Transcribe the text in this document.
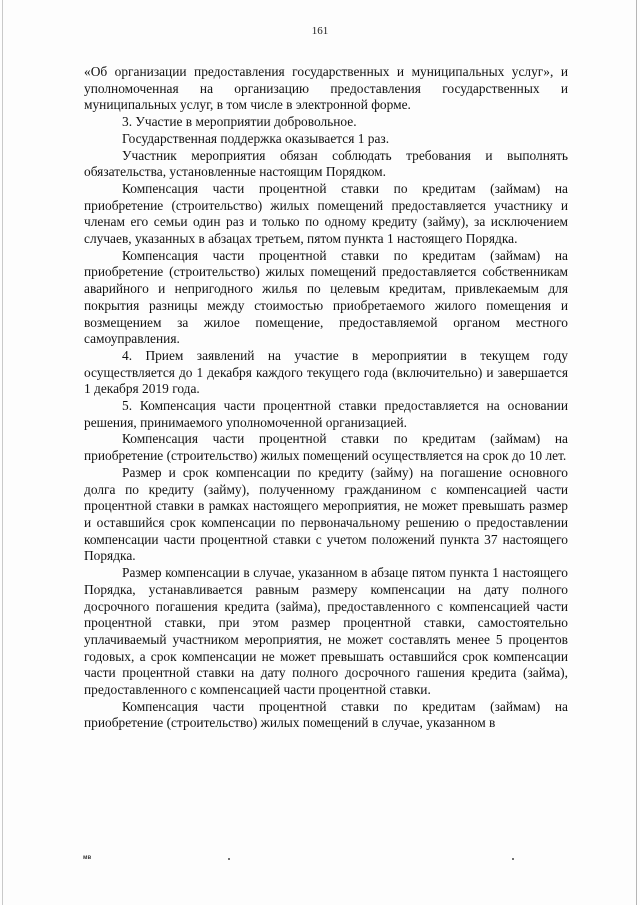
161

«Об организации предоставления государственных и муниципальных услуг», и уполномоченная на организацию предоставления государственных и муниципальных услуг, в том числе в электронной форме.

3. Участие в мероприятии добровольное.

Государственная поддержка оказывается 1 раз.

Участник мероприятия обязан соблюдать требования и выполнять обязательства, установленные настоящим Порядком.

Компенсация части процентной ставки по кредитам (займам) на приобретение (строительство) жилых помещений предоставляется участнику и членам его семьи один раз и только по одному кредиту (займу), за исключением случаев, указанных в абзацах третьем, пятом пункта 1 настоящего Порядка.

Компенсация части процентной ставки по кредитам (займам) на приобретение (строительство) жилых помещений предоставляется собственникам аварийного и непригодного жилья по целевым кредитам, привлекаемым для покрытия разницы между стоимостью приобретаемого жилого помещения и возмещением за жилое помещение, предоставляемой органом местного самоуправления.

4. Прием заявлений на участие в мероприятии в текущем году осуществляется до 1 декабря каждого текущего года (включительно) и завершается 1 декабря 2019 года.

5. Компенсация части процентной ставки предоставляется на основании решения, принимаемого уполномоченной организацией.

Компенсация части процентной ставки по кредитам (займам) на приобретение (строительство) жилых помещений осуществляется на срок до 10 лет.

Размер и срок компенсации по кредиту (займу) на погашение основного долга по кредиту (займу), полученному гражданином с компенсацией части процентной ставки в рамках настоящего мероприятия, не может превышать размер и оставшийся срок компенсации по первоначальному решению о предоставлении компенсации части процентной ставки с учетом положений пункта 37 настоящего Порядка.

Размер компенсации в случае, указанном в абзаце пятом пункта 1 настоящего Порядка, устанавливается равным размеру компенсации на дату полного досрочного погашения кредита (займа), предоставленного с компенсацией части процентной ставки, при этом размер процентной ставки, самостоятельно уплачиваемый участником мероприятия, не может составлять менее 5 процентов годовых, а срок компенсации не может превышать оставшийся срок компенсации части процентной ставки на дату полного досрочного гашения кредита (займа), предоставленного с компенсацией части процентной ставки.

Компенсация части процентной ставки по кредитам (займам) на приобретение (строительство) жилых помещений в случае, указанном в

мв
